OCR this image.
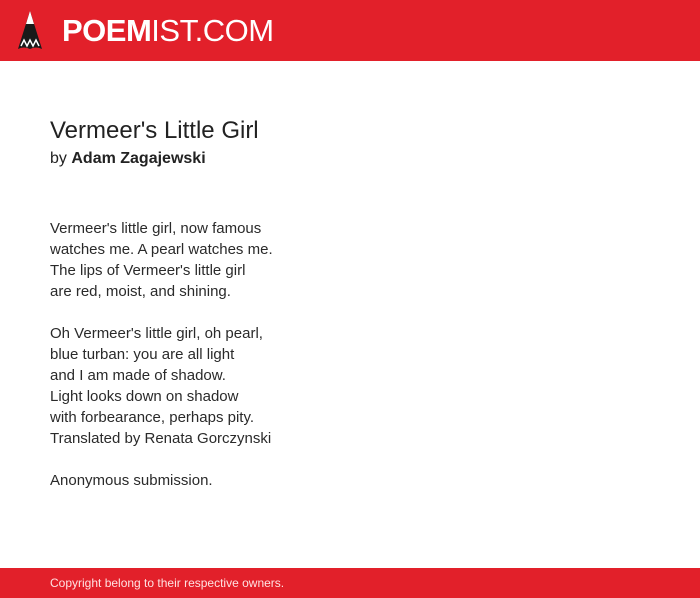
POEMIST.COM
Vermeer's Little Girl
by Adam Zagajewski
Vermeer's little girl, now famous
watches me. A pearl watches me.
The lips of Vermeer's little girl
are red, moist, and shining.
Oh Vermeer's little girl, oh pearl,
blue turban: you are all light
and I am made of shadow.
Light looks down on shadow
with forbearance, perhaps pity.
Translated by Renata Gorczynski
Anonymous submission.
Copyright belong to their respective owners.
